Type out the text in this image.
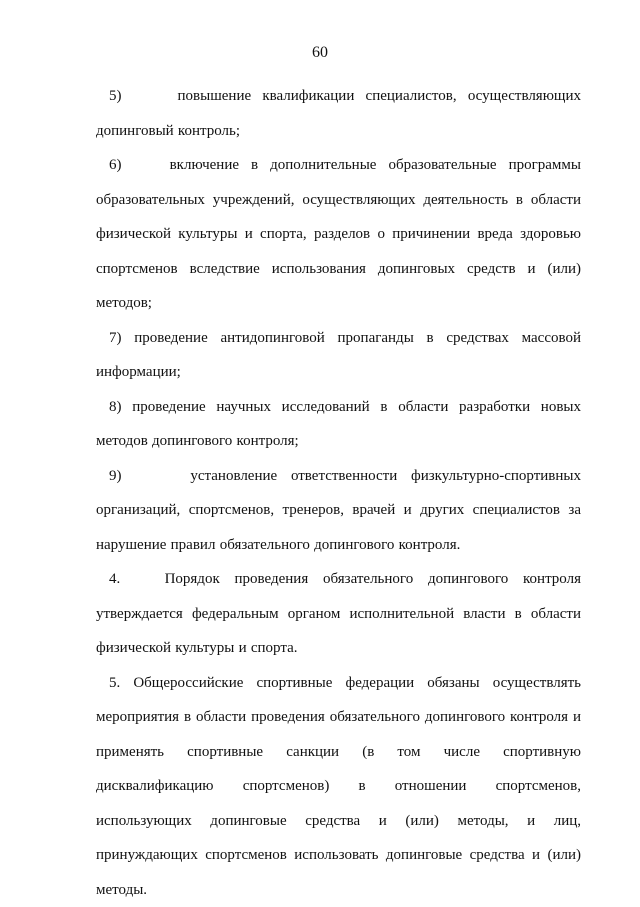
60

5)     повышение квалификации специалистов, осуществляющих допинговый контроль;

6)    включение в дополнительные образовательные программы образовательных учреждений, осуществляющих деятельность в области физической культуры и спорта, разделов о причинении вреда здоровью спортсменов вследствие использования допинговых средств и (или) методов;

7) проведение антидопинговой пропаганды в средствах массовой информации;

8) проведение научных исследований в области разработки новых методов допингового контроля;

9)     установление ответственности физкультурно-спортивных организаций, спортсменов, тренеров, врачей и других специалистов за нарушение правил обязательного допингового контроля.

4.   Порядок проведения обязательного допингового контроля утверждается федеральным органом исполнительной власти в области физической культуры и спорта.

5. Общероссийские спортивные федерации обязаны осуществлять мероприятия в области проведения обязательного допингового контроля и применять спортивные санкции (в том числе спортивную дисквалификацию спортсменов) в отношении спортсменов, использующих допинговые средства и (или) методы, и лиц, принуждающих спортсменов использовать допинговые средства и (или) методы.
